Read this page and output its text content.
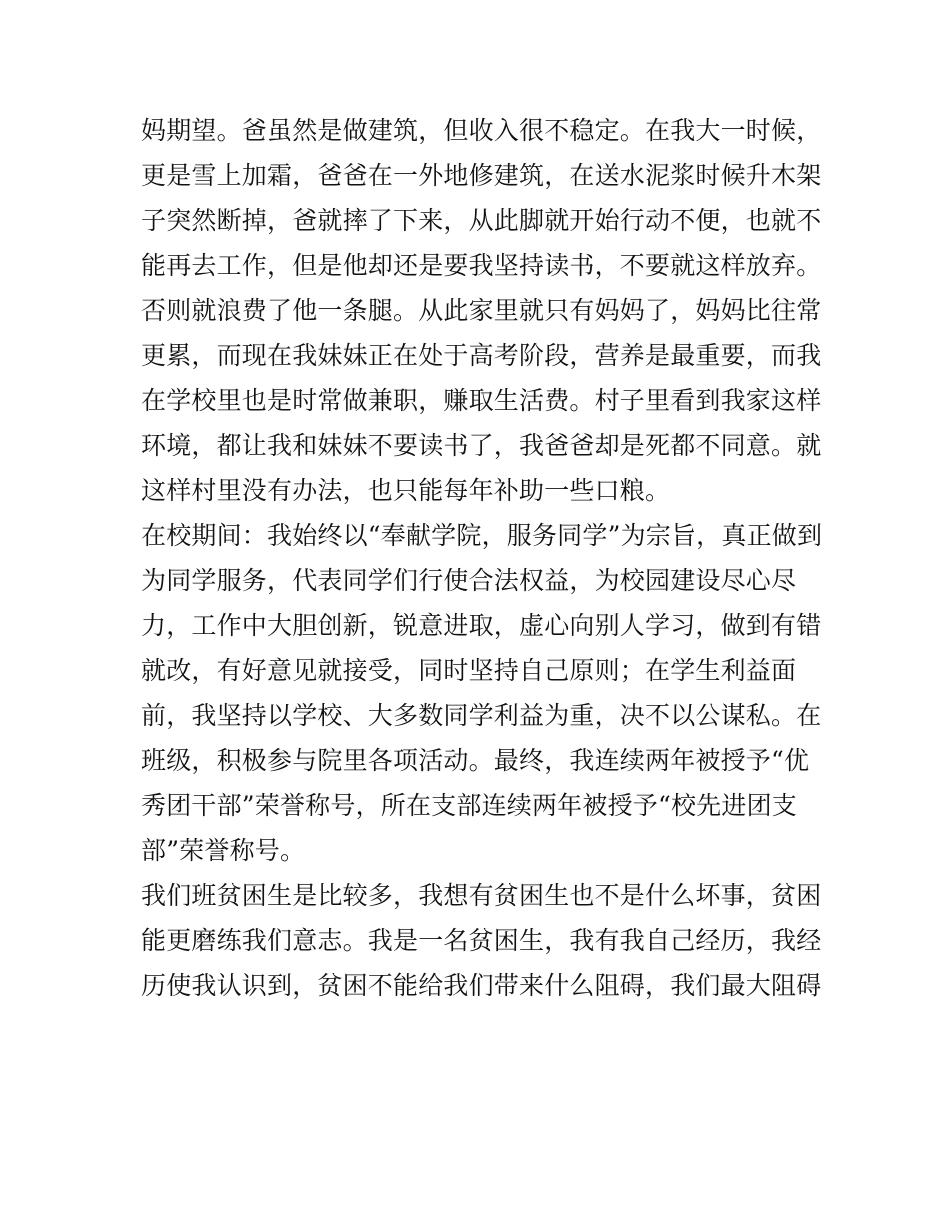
妈期望。爸虽然是做建筑，但收入很不稳定。在我大一时候，
更是雪上加霜，爸爸在一外地修建筑，在送水泥浆时候升木架
子突然断掉，爸就摔了下来，从此脚就开始行动不便，也就不
能再去工作，但是他却还是要我坚持读书，不要就这样放弃。
否则就浪费了他一条腿。从此家里就只有妈妈了，妈妈比往常
更累，而现在我妹妹正在处于高考阶段，营养是最重要，而我
在学校里也是时常做兼职，赚取生活费。村子里看到我家这样
环境，都让我和妹妹不要读书了，我爸爸却是死都不同意。就
这样村里没有办法，也只能每年补助一些口粮。
在校期间：我始终以“奉献学院，服务同学”为宗旨，真正做到
为同学服务，代表同学们行使合法权益，为校园建设尽心尽
力，工作中大胆创新，锐意进取，虚心向别人学习，做到有错
就改，有好意见就接受，同时坚持自己原则；在学生利益面
前，我坚持以学校、大多数同学利益为重，决不以公谋私。在
班级，积极参与院里各项活动。最终，我连续两年被授予“优
秀团干部”荣誉称号，所在支部连续两年被授予“校先进团支
部”荣誉称号。
我们班贫困生是比较多，我想有贫困生也不是什么坏事，贫困
能更磨练我们意志。我是一名贫困生，我有我自己经历，我经
历使我认识到，贫困不能给我们带来什么阻碍，我们最大阻碍
